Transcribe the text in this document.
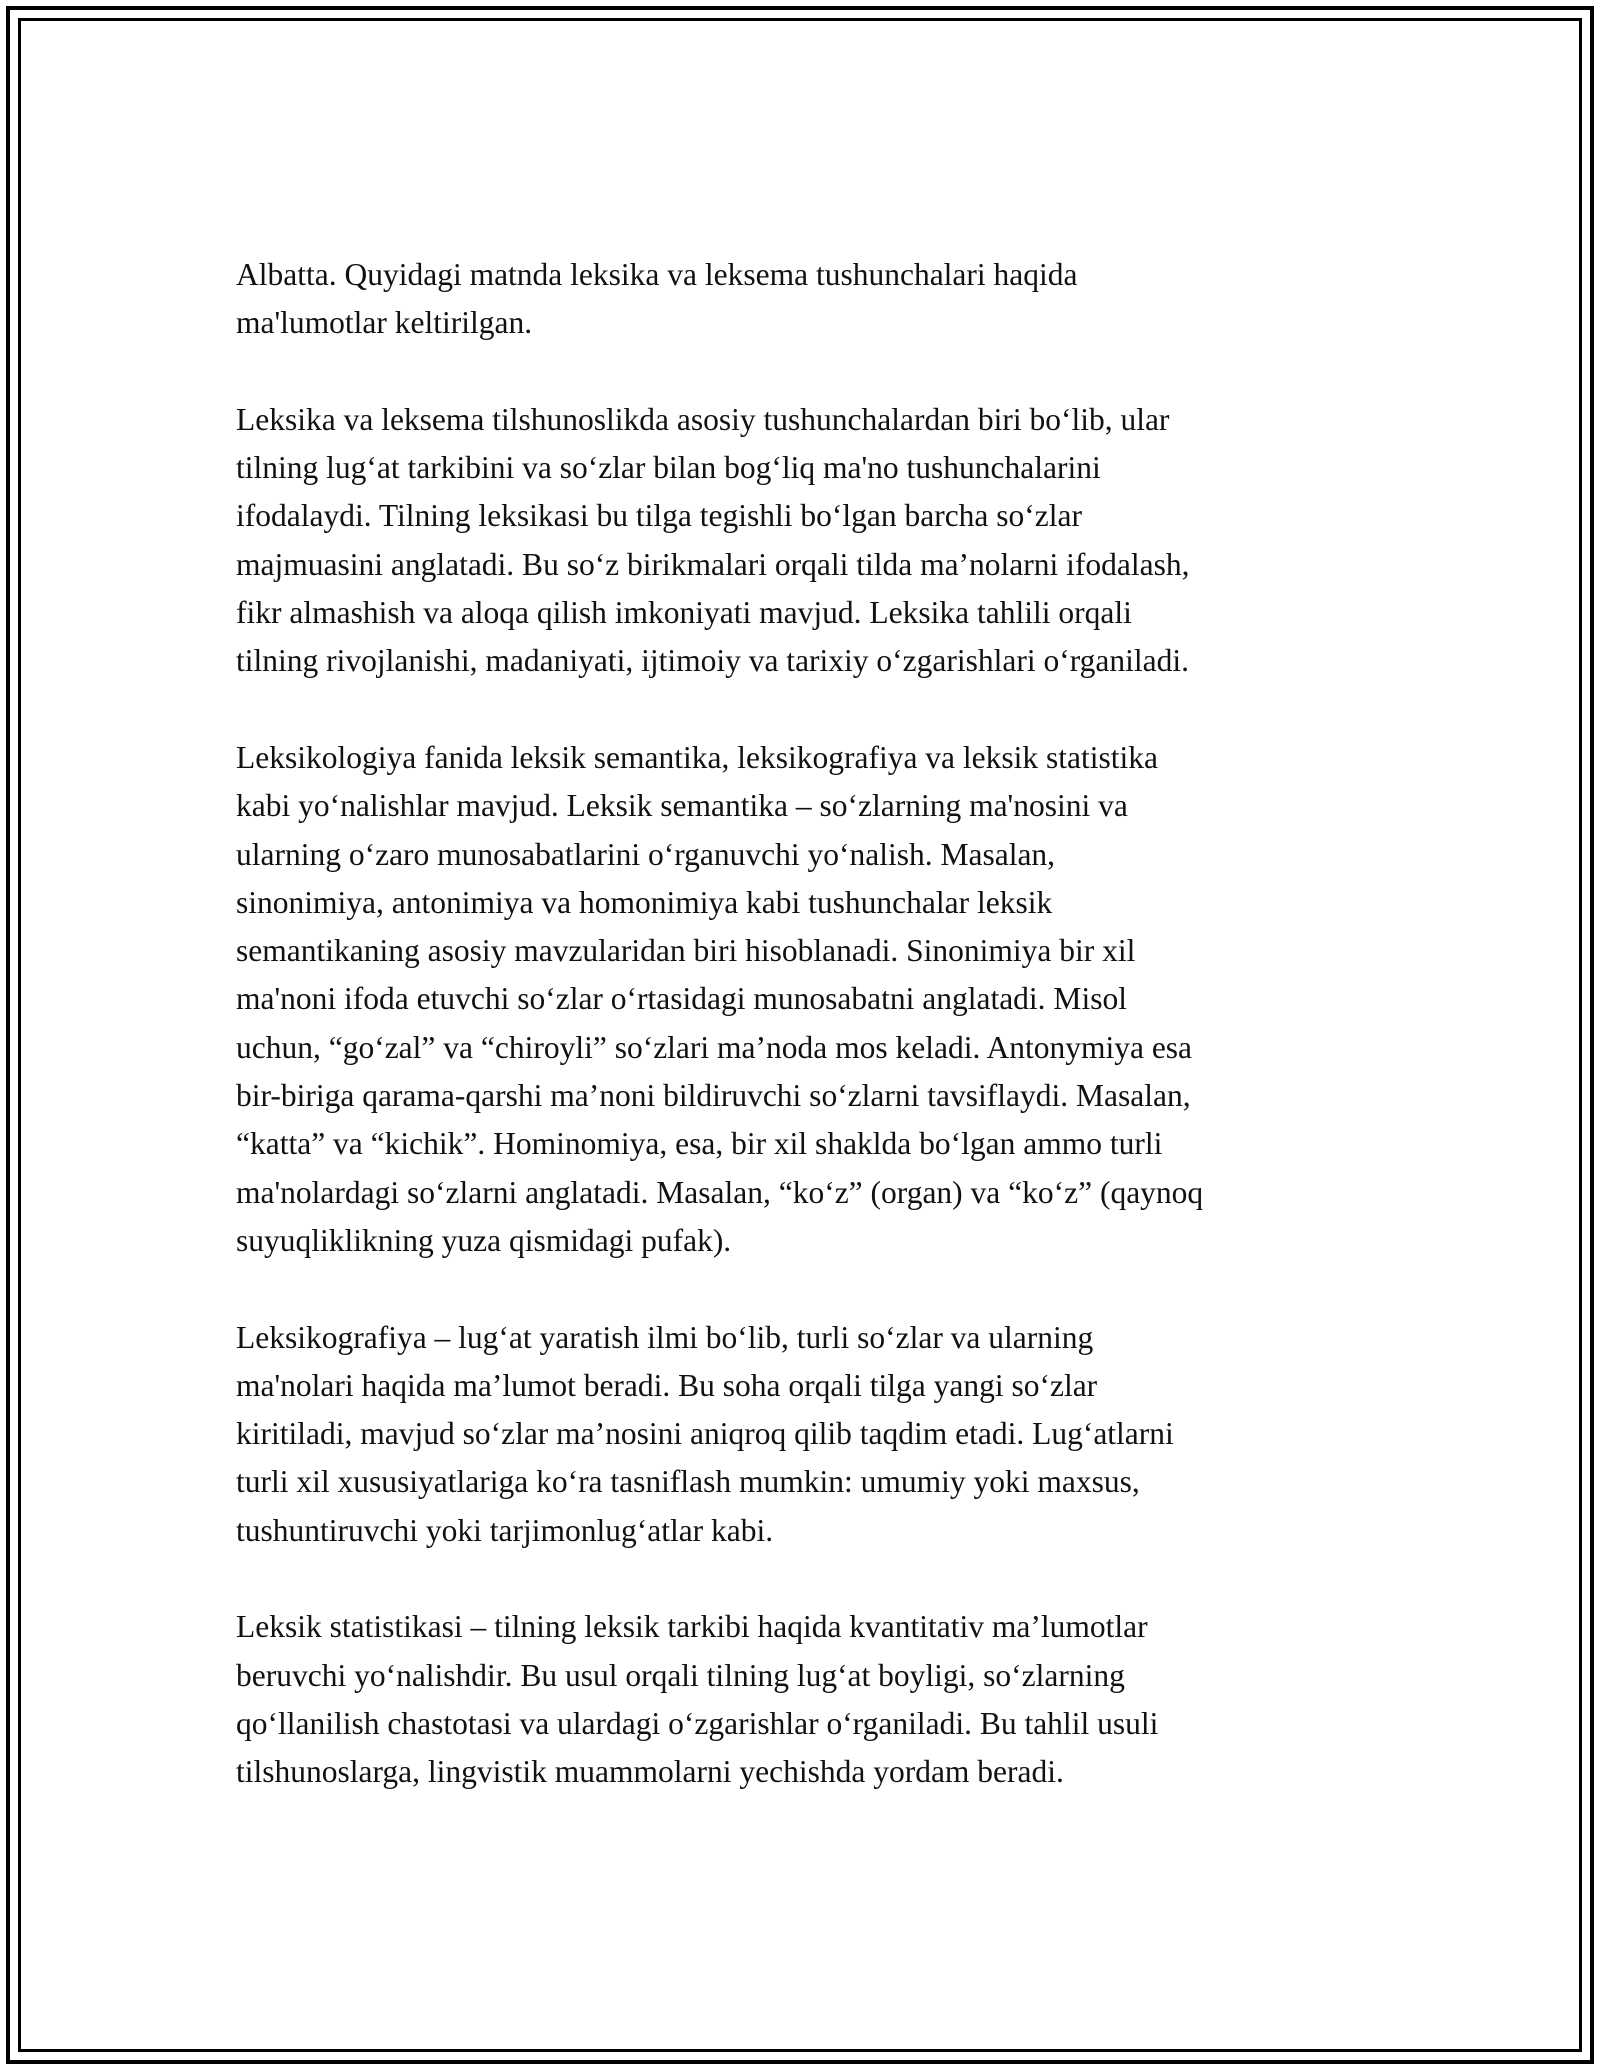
Albatta. Quyidagi matnda leksika va leksema tushunchalari haqida
ma'lumotlar keltirilgan.

Leksika va leksema tilshunoslikda asosiy tushunchalardan biri bo‘lib, ular
tilning lug‘at tarkibini va so‘zlar bilan bog‘liq ma'no tushunchalarini
ifodalaydi. Tilning leksikasi bu tilga tegishli bo‘lgan barcha so‘zlar
majmuasini anglatadi. Bu so‘z birikmalari orqali tilda ma’nolarni ifodalash,
fikr almashish va aloqa qilish imkoniyati mavjud. Leksika tahlili orqali
tilning rivojlanishi, madaniyati, ijtimoiy va tarixiy o‘zgarishlari o‘rganiladi.

Leksikologiya fanida leksik semantika, leksikografiya va leksik statistika
kabi yo‘nalishlar mavjud. Leksik semantika – so‘zlarning ma'nosini va
ularning o‘zaro munosabatlarini o‘rganuvchi yo‘nalish. Masalan,
sinonimiya, antonimiya va homonimiya kabi tushunchalar leksik
semantikaning asosiy mavzularidan biri hisoblanadi. Sinonimiya bir xil
ma'noni ifoda etuvchi so‘zlar o‘rtasidagi munosabatni anglatadi. Misol
uchun, “go‘zal” va “chiroyli” so‘zlari ma’noda mos keladi. Antonymiya esa
bir-biriga qarama-qarshi ma’noni bildiruvchi so‘zlarni tavsiflaydi. Masalan,
“katta” va “kichik”. Hominomiya, esa, bir xil shaklda bo‘lgan ammo turli
ma'nolardagi so‘zlarni anglatadi. Masalan, “ko‘z” (organ) va “ko‘z” (qaynoq
suyuqliklikning yuza qismidagi pufak).

Leksikografiya – lug‘at yaratish ilmi bo‘lib, turli so‘zlar va ularning
ma'nolari haqida ma’lumot beradi. Bu soha orqali tilga yangi so‘zlar
kiritiladi, mavjud so‘zlar ma’nosini aniqroq qilib taqdim etadi. Lug‘atlarni
turli xil xususiyatlariga ko‘ra tasniflash mumkin: umumiy yoki maxsus,
tushuntiruvchi yoki tarjimonlug‘atlar kabi.

Leksik statistikasi – tilning leksik tarkibi haqida kvantitativ ma’lumotlar
beruvchi yo‘nalishdir. Bu usul orqali tilning lug‘at boyligi, so‘zlarning
qo‘llanilish chastotasi va ulardagi o‘zgarishlar o‘rganiladi. Bu tahlil usuli
tilshunoslarga, lingvistik muammolarni yechishda yordam beradi.
